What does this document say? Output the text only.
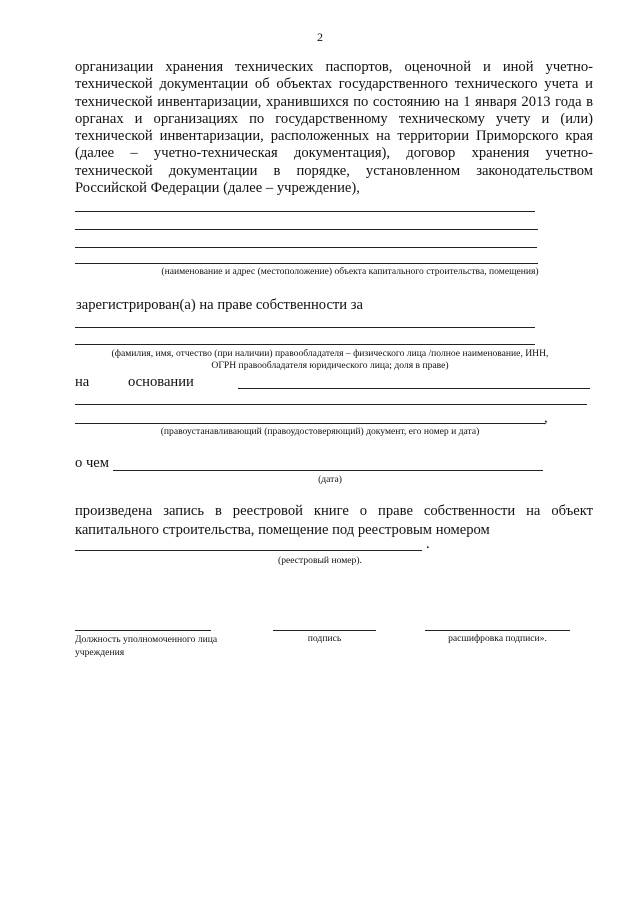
2

организации хранения технических паспортов, оценочной и иной учетно-технической документации об объектах государственного технического учета и технической инвентаризации, хранившихся по состоянию на 1 января 2013 года в органах и организациях по государственному техническому учету и (или) технической инвентаризации, расположенных на территории Приморского края (далее – учетно-техническая документация), договор хранения учетно-технической документации в порядке, установленном законодательством Российской Федерации (далее – учреждение),

(наименование и адрес (местоположение) объекта капитального строительства, помещения)
зарегистрирован(а) на праве собственности за
(фамилия, имя, отчество (при наличии) правообладателя – физического лица /полное наименование, ИНН,
ОГРН правообладателя юридического лица; доля в праве)
на	основании
,
(правоустанавливающий (правоудостоверяющий) документ, его номер и дата)
о чем
(дата)
произведена запись в реестровой книге о праве собственности на объект капитального строительства, помещение под реестровым номером
.
(реестровый номер).
Должность уполномоченного лица учреждения
подпись	расшифровка подписи».
